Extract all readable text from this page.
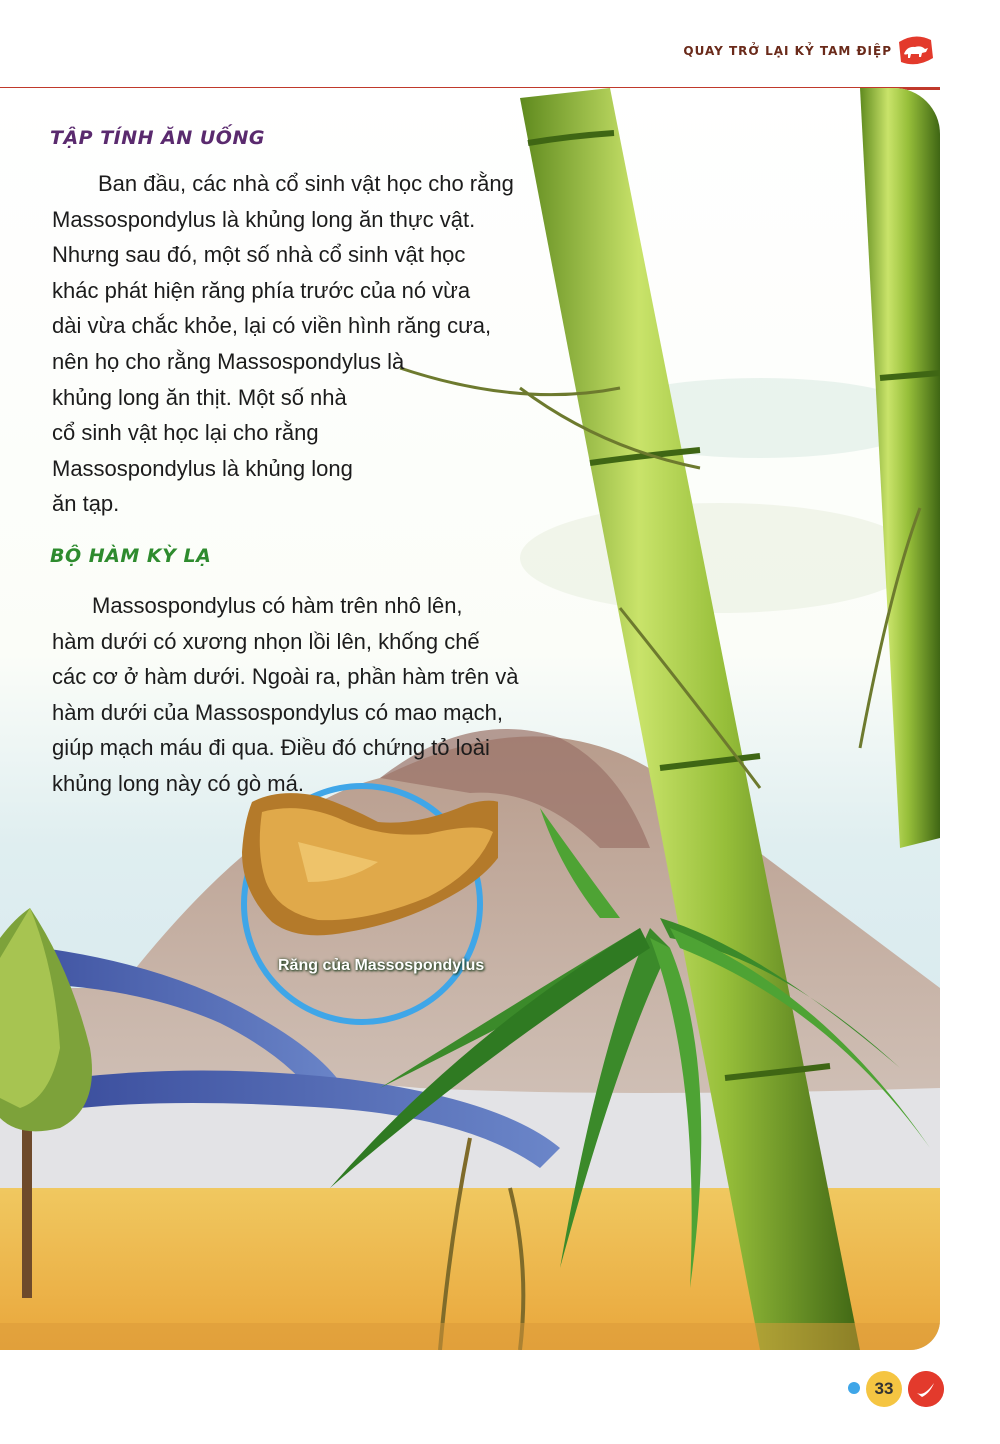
QUAY TRỞ LẠI KỶ TAM ĐIỆP
Răng của Massospondylus
TẬP TÍNH ĂN UỐNG
Ban đầu, các nhà cổ sinh vật học cho rằng
Massospondylus là khủng long ăn thực vật.
Nhưng sau đó, một số nhà cổ sinh vật học
khác phát hiện răng phía trước của nó vừa
dài vừa chắc khỏe, lại có viền hình răng cưa,
nên họ cho rằng Massospondylus là
khủng long ăn thịt. Một số nhà
cổ sinh vật học lại cho rằng
Massospondylus là khủng long
ăn tạp.
BỘ HÀM KỲ LẠ
Massospondylus có hàm trên nhô lên,
hàm dưới có xương nhọn lồi lên, khống chế
các cơ ở hàm dưới. Ngoài ra, phần hàm trên và
hàm dưới của Massospondylus có mao mạch,
giúp mạch máu đi qua. Điều đó chứng tỏ loài
khủng long này có gò má.
33
